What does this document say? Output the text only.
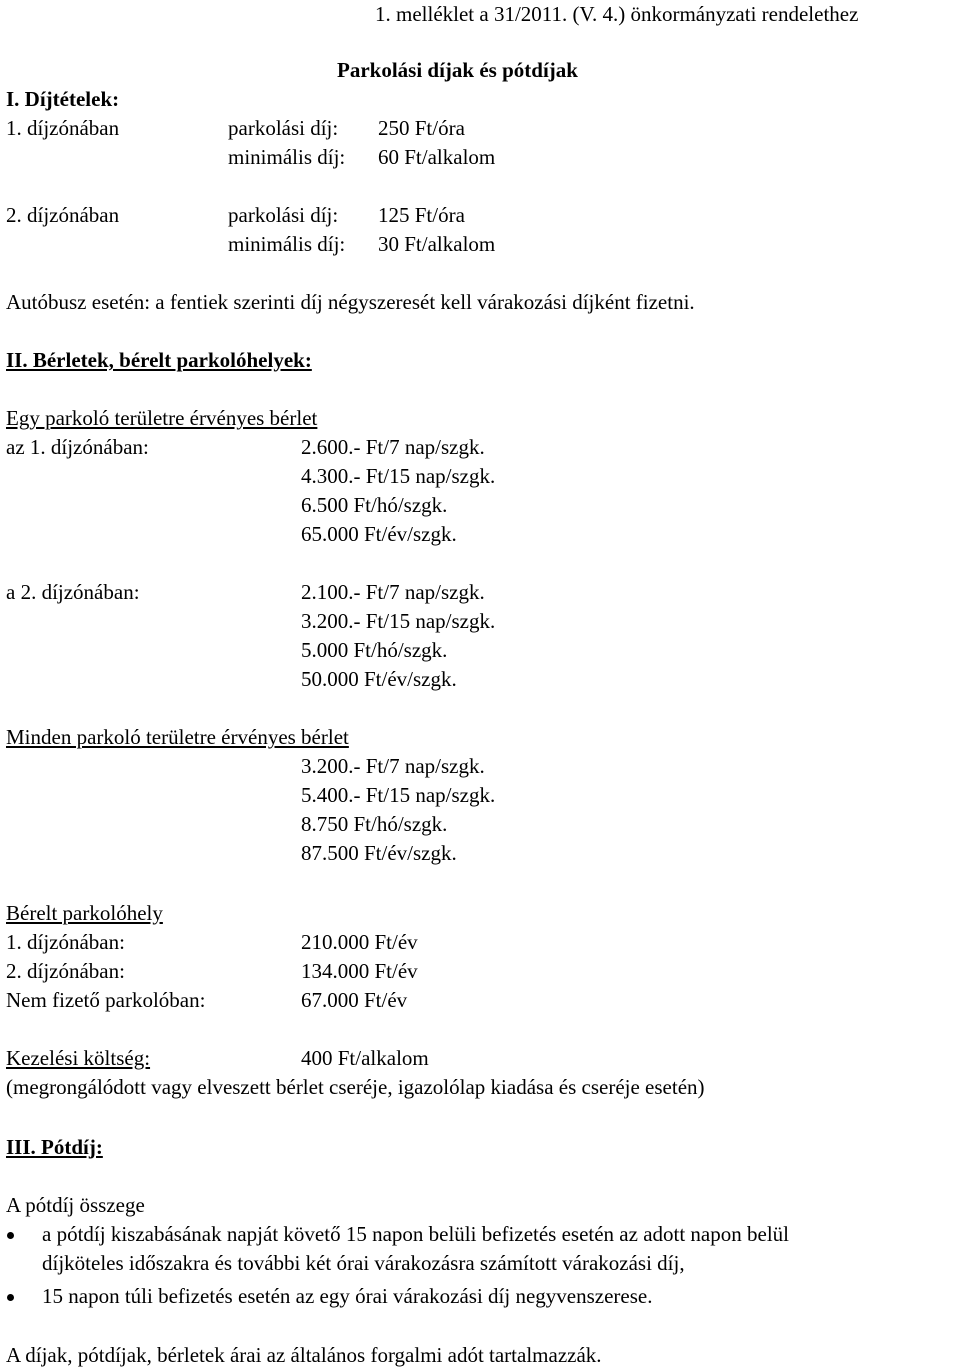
1. melléklet a 31/2011. (V. 4.) önkormányzati rendelethez
Parkolási díjak és pótdíjak
I. Díjtételek:
1. díjzónában	parkolási díj: 250 Ft/óra
minimális díj: 60 Ft/alkalom
2. díjzónában	parkolási díj: 125 Ft/óra
minimális díj: 30 Ft/alkalom
Autóbusz esetén: a fentiek szerinti díj négyszeresét kell várakozási díjként fizetni.
II. Bérletek, bérelt parkolóhelyek:
Egy parkoló területre érvényes bérlet
az 1. díjzónában:	2.600.- Ft/7 nap/szgk.
4.300.- Ft/15 nap/szgk.
6.500 Ft/hó/szgk.
65.000 Ft/év/szgk.
a 2. díjzónában:	2.100.- Ft/7 nap/szgk.
3.200.- Ft/15 nap/szgk.
5.000 Ft/hó/szgk.
50.000 Ft/év/szgk.
Minden parkoló területre érvényes bérlet
3.200.- Ft/7 nap/szgk.
5.400.- Ft/15 nap/szgk.
8.750 Ft/hó/szgk.
87.500 Ft/év/szgk.
Bérelt parkolóhely
1. díjzónában:	210.000 Ft/év
2. díjzónában:	134.000 Ft/év
Nem fizető parkolóban:	67.000 Ft/év
Kezelési költség:	400 Ft/alkalom
(megrongálódott vagy elveszett bérlet cseréje, igazolólap kiadása és cseréje esetén)
III. Pótdíj:
A pótdíj összege
a pótdíj kiszabásának napját követő 15 napon belüli befizetés esetén az adott napon belül
díjköteles időszakra és további két órai várakozásra számított várakozási díj,
15 napon túli befizetés esetén az egy órai várakozási díj negyvenszerese.
A díjak, pótdíjak, bérletek árai az általános forgalmi adót tartalmazzák.
